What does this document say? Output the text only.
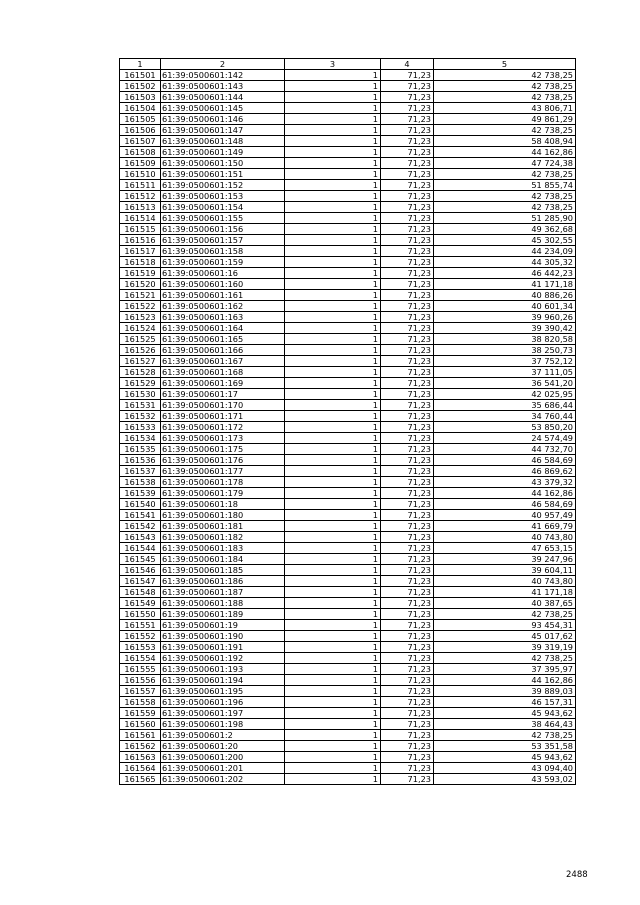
1	2	3	4	5
161501	61:39:0500601:142	1	71,23	42 738,25
161502	61:39:0500601:143	1	71,23	42 738,25
161503	61:39:0500601:144	1	71,23	42 738,25
161504	61:39:0500601:145	1	71,23	43 806,71
161505	61:39:0500601:146	1	71,23	49 861,29
161506	61:39:0500601:147	1	71,23	42 738,25
161507	61:39:0500601:148	1	71,23	58 408,94
161508	61:39:0500601:149	1	71,23	44 162,86
161509	61:39:0500601:150	1	71,23	47 724,38
161510	61:39:0500601:151	1	71,23	42 738,25
161511	61:39:0500601:152	1	71,23	51 855,74
161512	61:39:0500601:153	1	71,23	42 738,25
161513	61:39:0500601:154	1	71,23	42 738,25
161514	61:39:0500601:155	1	71,23	51 285,90
161515	61:39:0500601:156	1	71,23	49 362,68
161516	61:39:0500601:157	1	71,23	45 302,55
161517	61:39:0500601:158	1	71,23	44 234,09
161518	61:39:0500601:159	1	71,23	44 305,32
161519	61:39:0500601:16	1	71,23	46 442,23
161520	61:39:0500601:160	1	71,23	41 171,18
161521	61:39:0500601:161	1	71,23	40 886,26
161522	61:39:0500601:162	1	71,23	40 601,34
161523	61:39:0500601:163	1	71,23	39 960,26
161524	61:39:0500601:164	1	71,23	39 390,42
161525	61:39:0500601:165	1	71,23	38 820,58
161526	61:39:0500601:166	1	71,23	38 250,73
161527	61:39:0500601:167	1	71,23	37 752,12
161528	61:39:0500601:168	1	71,23	37 111,05
161529	61:39:0500601:169	1	71,23	36 541,20
161530	61:39:0500601:17	1	71,23	42 025,95
161531	61:39:0500601:170	1	71,23	35 686,44
161532	61:39:0500601:171	1	71,23	34 760,44
161533	61:39:0500601:172	1	71,23	53 850,20
161534	61:39:0500601:173	1	71,23	24 574,49
161535	61:39:0500601:175	1	71,23	44 732,70
161536	61:39:0500601:176	1	71,23	46 584,69
161537	61:39:0500601:177	1	71,23	46 869,62
161538	61:39:0500601:178	1	71,23	43 379,32
161539	61:39:0500601:179	1	71,23	44 162,86
161540	61:39:0500601:18	1	71,23	46 584,69
161541	61:39:0500601:180	1	71,23	40 957,49
161542	61:39:0500601:181	1	71,23	41 669,79
161543	61:39:0500601:182	1	71,23	40 743,80
161544	61:39:0500601:183	1	71,23	47 653,15
161545	61:39:0500601:184	1	71,23	39 247,96
161546	61:39:0500601:185	1	71,23	39 604,11
161547	61:39:0500601:186	1	71,23	40 743,80
161548	61:39:0500601:187	1	71,23	41 171,18
161549	61:39:0500601:188	1	71,23	40 387,65
161550	61:39:0500601:189	1	71,23	42 738,25
161551	61:39:0500601:19	1	71,23	93 454,31
161552	61:39:0500601:190	1	71,23	45 017,62
161553	61:39:0500601:191	1	71,23	39 319,19
161554	61:39:0500601:192	1	71,23	42 738,25
161555	61:39:0500601:193	1	71,23	37 395,97
161556	61:39:0500601:194	1	71,23	44 162,86
161557	61:39:0500601:195	1	71,23	39 889,03
161558	61:39:0500601:196	1	71,23	46 157,31
161559	61:39:0500601:197	1	71,23	45 943,62
161560	61:39:0500601:198	1	71,23	38 464,43
161561	61:39:0500601:2	1	71,23	42 738,25
161562	61:39:0500601:20	1	71,23	53 351,58
161563	61:39:0500601:200	1	71,23	45 943,62
161564	61:39:0500601:201	1	71,23	43 094,40
161565	61:39:0500601:202	1	71,23	43 593,02
2488
